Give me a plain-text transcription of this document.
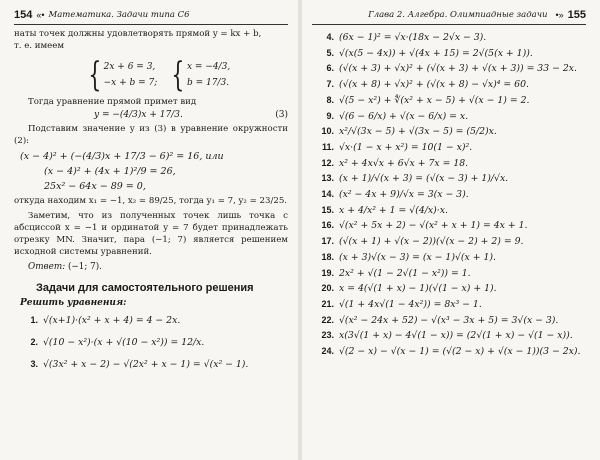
154 «• Математика. Задачи типа С6

наты точек должны удовлетворять прямой y = kx + b,

т. е. имеем

{ 2x + 6 = 3,
−x + b = 7; { x = −4/3,
b = 17/3.

Тогда уравнение прямой примет вид

y = −(4/3)x + 17/3.	(3)

Подставим значение y из (3) в уравнение окружности (2):

(x − 4)² + (−(4/3)x + 17/3 − 6)² = 16, или

(x − 4)² + (4x + 1)²/9 = 26,

25x² − 64x − 89 = 0,

откуда находим x₁ = −1, x₂ = 89/25, тогда y₁ = 7, y₂ = 23/25.

Заметим, что из полученных точек лишь точка с абсциссой x = −1 и ординатой y = 7 будет принадлежать отрезку MN. Значит, пара (−1; 7) является решением исходной системы уравнений.

Ответ: (−1; 7).

Задачи для самостоятельного решения
Решить уравнения:
1. √(x+1)·(x² + x + 4) = 4 − 2x.
2. √(10 − x²)·(x + √(10 − x²)) = 12/x.
3. √(3x² + x − 2) − √(2x² + x − 1) = √(x² − 1).
Глава 2. Алгебра. Олимпиадные задачи •» 155
4. (6x − 1)² = √x·(18x − 2√x − 3).
5. √(x(5 − 4x)) + √(4x + 15) = 2√(5(x + 1)).
6. (√(x + 3) + √x)² + (√(x + 3) + √(x + 3)) = 33 − 2x.
7. (√(x + 8) + √x)² + (√(x + 8) − √x)⁴ = 60.
8. √(5 − x²) + ∜(x² + x − 5) + √(x − 1) = 2.
9. √(6 − 6/x) + √(x − 6/x) = x.
10. x²/√(3x − 5) + √(3x − 5) = (5/2)x.
11. √x·(1 − x + x²) = 10(1 − x)².
12. x² + 4x√x + 6√x + 7x = 18.
13. (x + 1)/√(x + 3) = (√(x − 3) + 1)/√x.
14. (x² − 4x + 9)/√x = 3(x − 3).
15. x + 4/x² + 1 = √(4/x)·x.
16. √(x² + 5x + 2) − √(x² + x + 1) = 4x + 1.
17. (√(x + 1) + √(x − 2))(√(x − 2) + 2) = 9.
18. (x + 3)√(x − 3) = (x − 1)√(x + 1).
19. 2x² + √(1 − 2√(1 − x²)) = 1.
20. x = 4(√(1 + x) − 1)(√(1 − x) + 1).
21. √(1 + 4x√(1 − 4x²)) = 8x³ − 1.
22. √(x² − 24x + 52) − √(x³ − 3x + 5) = 3√(x − 3).
23. x(3√(1 + x) − 4√(1 − x)) = (2√(1 + x) − √(1 − x)).
24. √(2 − x) − √(x − 1) = (√(2 − x) + √(x − 1))(3 − 2x).
